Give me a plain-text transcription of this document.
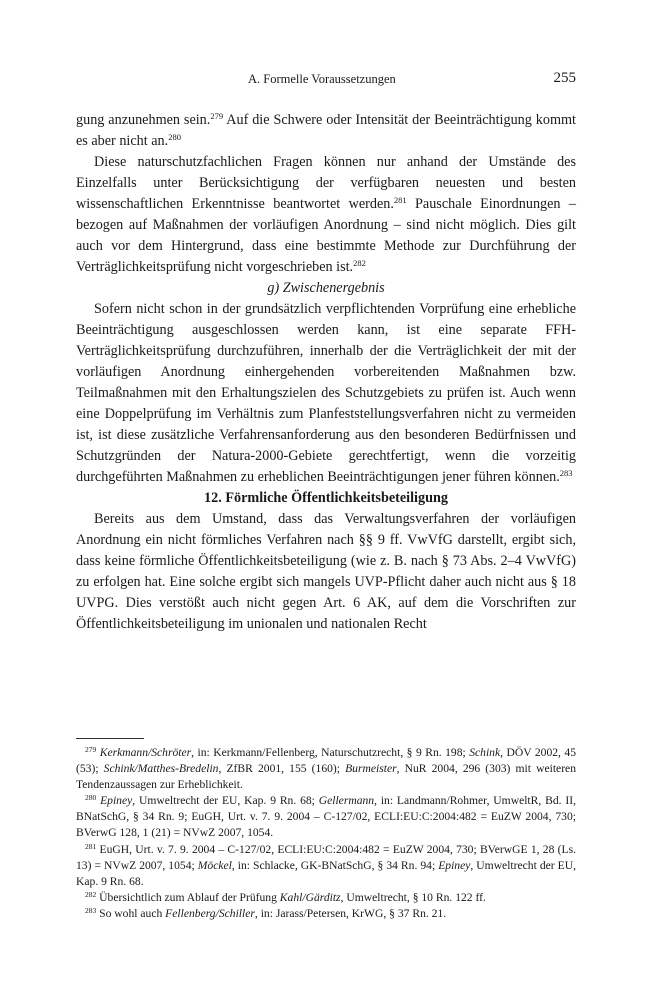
A. Formelle Voraussetzungen	255

gung anzunehmen sein.$^{279}$ Auf die Schwere oder Intensität der Beeinträchtigung kommt es aber nicht an.$^{280}$

Diese naturschutzfachlichen Fragen können nur anhand der Umstände des Einzelfalls unter Berücksichtigung der verfügbaren neuesten und besten wissenschaftlichen Erkenntnisse beantwortet werden.$^{281}$ Pauschale Einordnungen – bezogen auf Maßnahmen der vorläufigen Anordnung – sind nicht möglich. Dies gilt auch vor dem Hintergrund, dass eine bestimmte Methode zur Durchführung der Verträglichkeitsprüfung nicht vorgeschrieben ist.$^{282}$

g) Zwischenergebnis

Sofern nicht schon in der grundsätzlich verpflichtenden Vorprüfung eine erhebliche Beeinträchtigung ausgeschlossen werden kann, ist eine separate FFH-Verträglichkeitsprüfung durchzuführen, innerhalb der die Verträglichkeit der mit der vorläufigen Anordnung einhergehenden vorbereitenden Maßnahmen bzw. Teilmaßnahmen mit den Erhaltungszielen des Schutzgebiets zu prüfen ist. Auch wenn eine Doppelprüfung im Verhältnis zum Planfeststellungsverfahren nicht zu vermeiden ist, ist diese zusätzliche Verfahrensanforderung aus den besonderen Bedürfnissen und Schutzgründen der Natura-2000-Gebiete gerechtfertigt, wenn die vorzeitig durchgeführten Maßnahmen zu erheblichen Beeinträchtigungen jener führen können.$^{283}$

12. Förmliche Öffentlichkeitsbeteiligung

Bereits aus dem Umstand, dass das Verwaltungsverfahren der vorläufigen Anordnung ein nicht förmliches Verfahren nach §§ 9 ff. VwVfG darstellt, ergibt sich, dass keine förmliche Öffentlichkeitsbeteiligung (wie z. B. nach § 73 Abs. 2–4 VwVfG) zu erfolgen hat. Eine solche ergibt sich mangels UVP-Pflicht daher auch nicht aus § 18 UVPG. Dies verstößt auch nicht gegen Art. 6 AK, auf dem die Vorschriften zur Öffentlichkeitsbeteiligung im unionalen und nationalen Recht

$^{279}$ Kerkmann/Schröter, in: Kerkmann/Fellenberg, Naturschutzrecht, § 9 Rn. 198; Schink, DÖV 2002, 45 (53); Schink/Matthes-Bredelin, ZfBR 2001, 155 (160); Burmeister, NuR 2004, 296 (303) mit weiteren Tendenzaussagen zur Erheblichkeit.

$^{280}$ Epiney, Umweltrecht der EU, Kap. 9 Rn. 68; Gellermann, in: Landmann/Rohmer, UmweltR, Bd. II, BNatSchG, § 34 Rn. 9; EuGH, Urt. v. 7. 9. 2004 – C-127/02, ECLI:EU:C:2004:482 = EuZW 2004, 730; BVerwG 128, 1 (21) = NVwZ 2007, 1054.

$^{281}$ EuGH, Urt. v. 7. 9. 2004 – C-127/02, ECLI:EU:C:2004:482 = EuZW 2004, 730; BVerwGE 1, 28 (Ls. 13) = NVwZ 2007, 1054; Möckel, in: Schlacke, GK-BNatSchG, § 34 Rn. 94; Epiney, Umweltrecht der EU, Kap. 9 Rn. 68.

$^{282}$ Übersichtlich zum Ablauf der Prüfung Kahl/Gärditz, Umweltrecht, § 10 Rn. 122 ff.

$^{283}$ So wohl auch Fellenberg/Schiller, in: Jarass/Petersen, KrWG, § 37 Rn. 21.
